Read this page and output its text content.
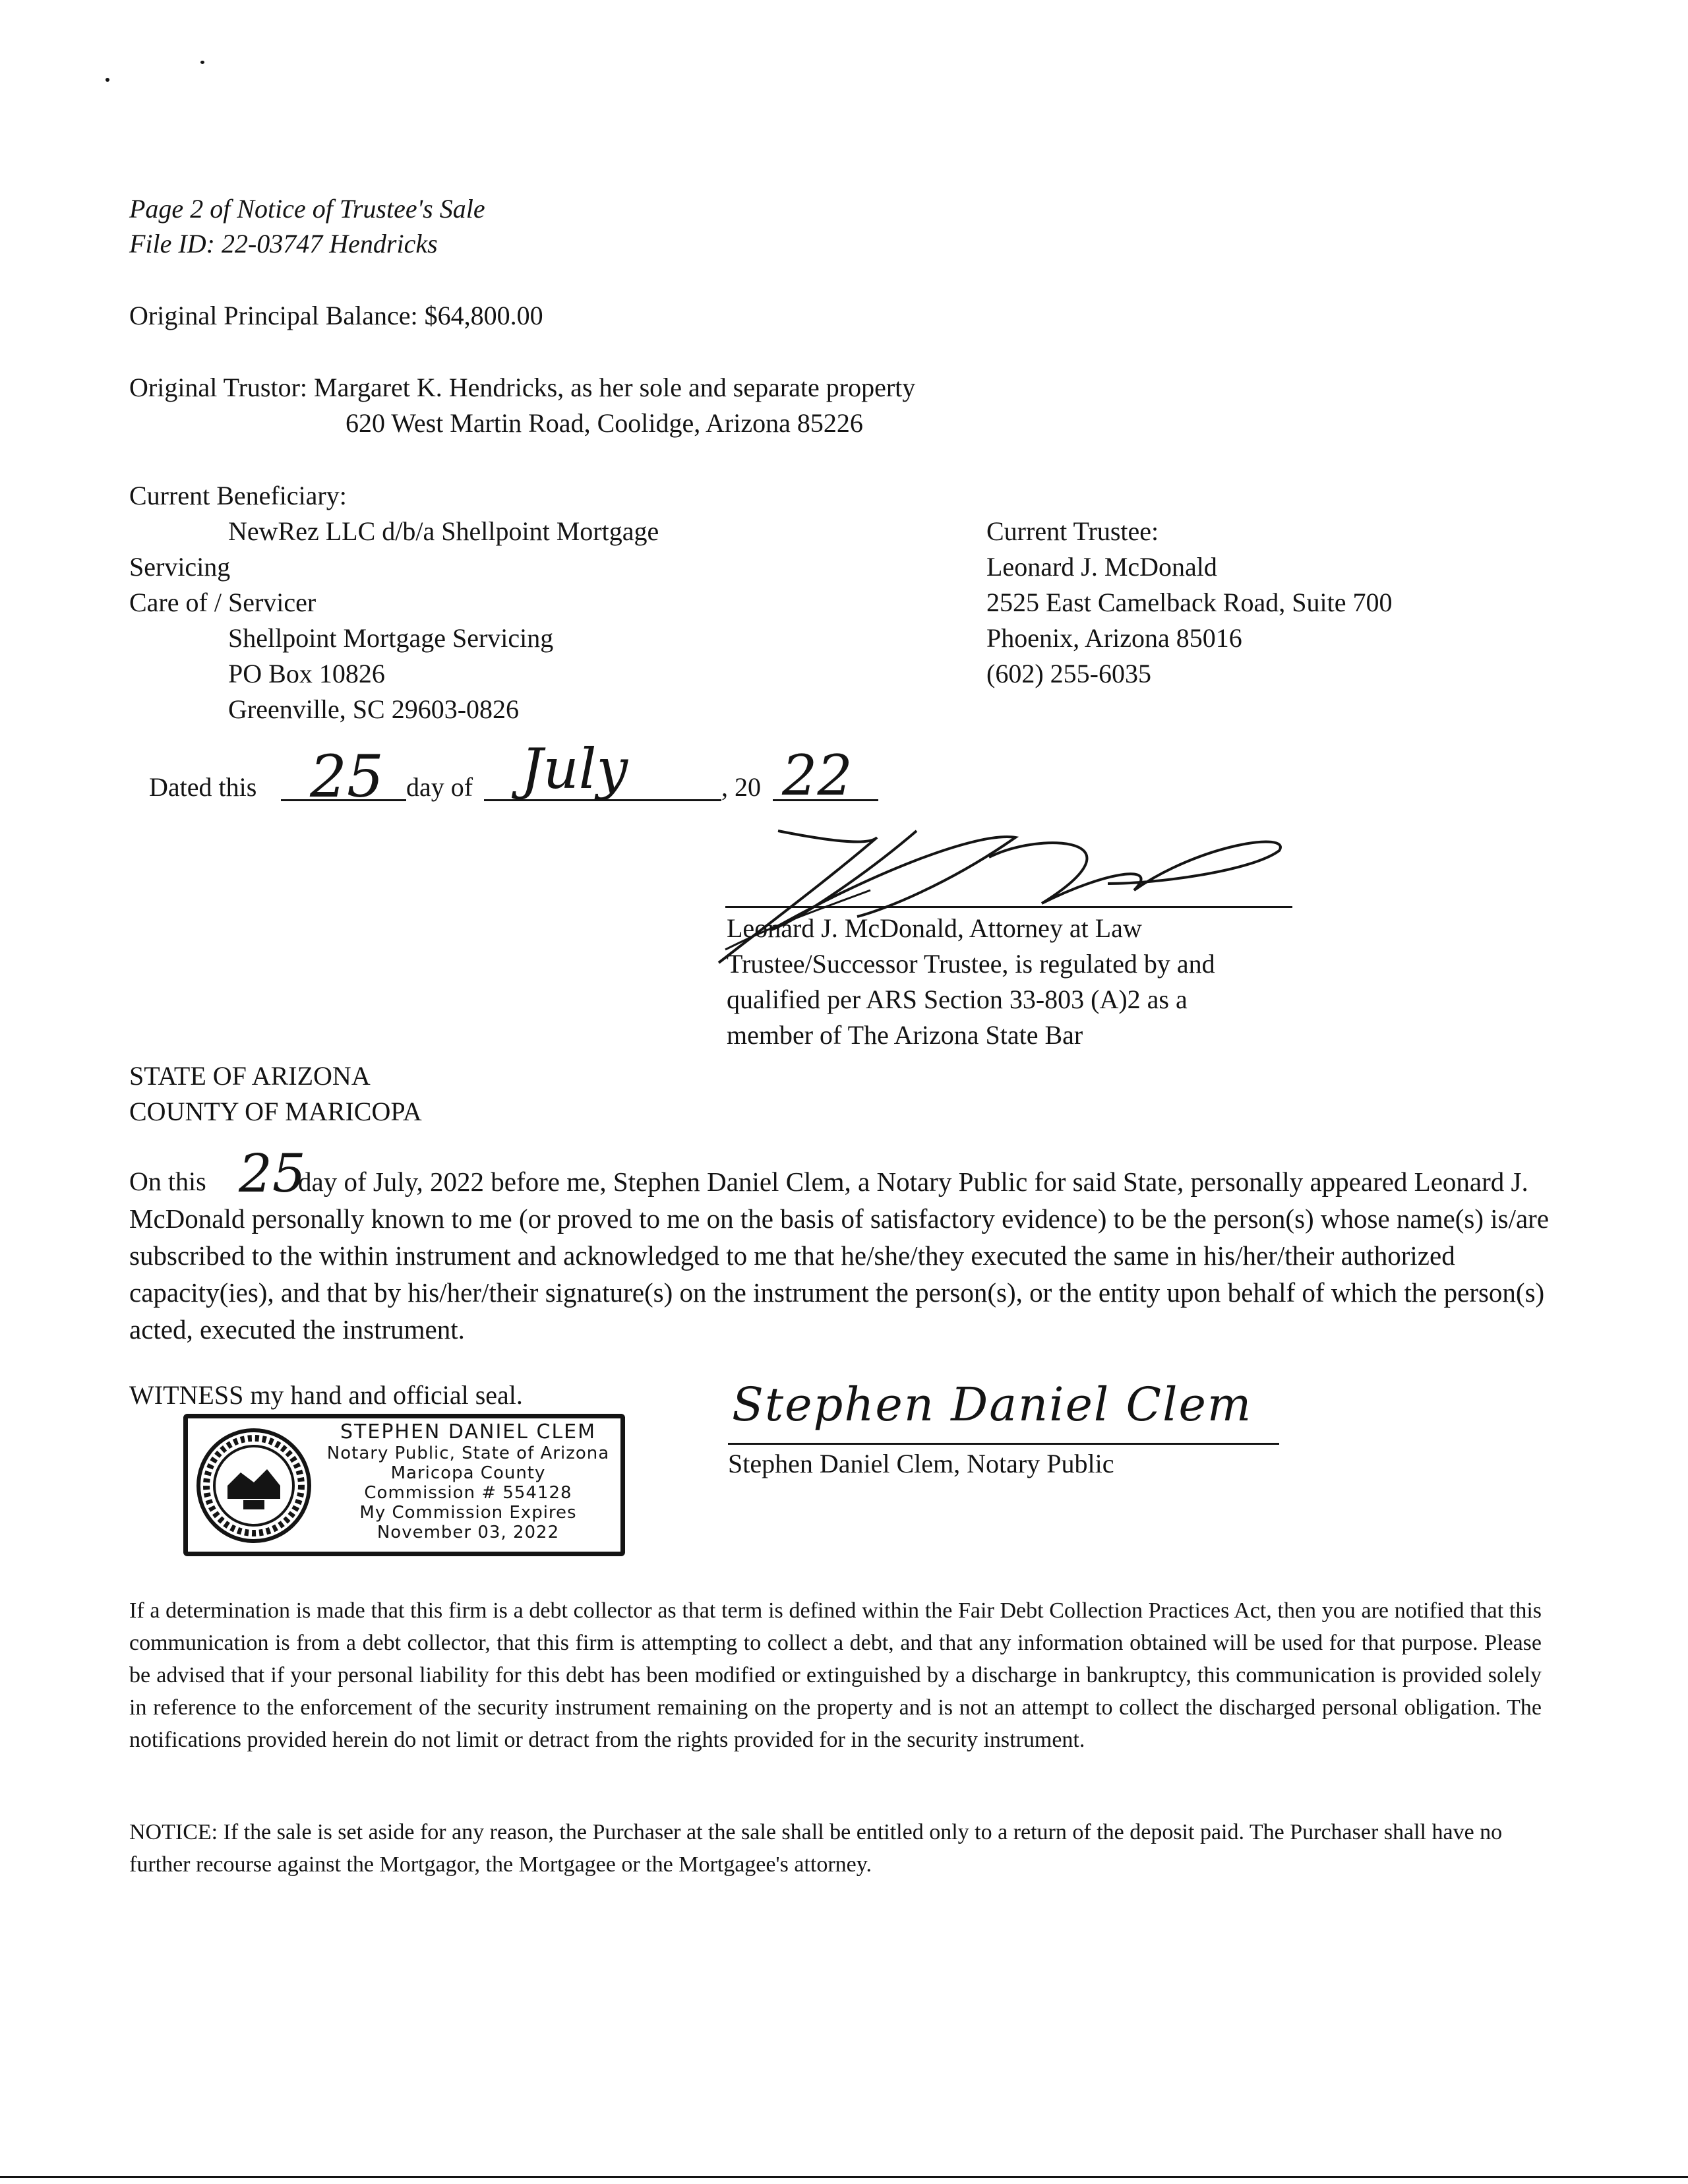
Page 2 of Notice of Trustee's Sale
File ID: 22-03747 Hendricks
Original Principal Balance: $64,800.00
Original Trustor: Margaret K. Hendricks, as her sole and separate property
620 West Martin Road, Coolidge, Arizona 85226
Current Beneficiary:
NewRez LLC d/b/a Shellpoint Mortgage
Servicing
Care of / Servicer
Shellpoint Mortgage Servicing
PO Box 10826
Greenville, SC 29603-0826
Current Trustee:
Leonard J. McDonald
2525 East Camelback Road, Suite 700
Phoenix, Arizona 85016
(602) 255-6035
Dated this 25 day of July	, 20 22
Leonard J. McDonald, Attorney at Law
Trustee/Successor Trustee, is regulated by and
qualified per ARS Section 33-803 (A)2 as a
member of The Arizona State Bar
STATE OF ARIZONA
COUNTY OF MARICOPA
On this 25
day of July, 2022 before me, Stephen Daniel Clem, a Notary Public for said State, personally appeared Leonard J. McDonald personally known to me (or proved to me on the basis of satisfactory evidence) to be the person(s) whose name(s) is/are subscribed to the within instrument and acknowledged to me that he/she/they executed the same in his/her/their authorized capacity(ies), and that by his/her/their signature(s) on the instrument the person(s), or the entity upon behalf of which the person(s) acted, executed the instrument.
WITNESS my hand and official seal.
STEPHEN DANIEL CLEM
Notary Public, State of Arizona
Maricopa County
Commission # 554128
My Commission Expires
November 03, 2022
Stephen Daniel Clem
Stephen Daniel Clem, Notary Public
If a determination is made that this firm is a debt collector as that term is defined within the Fair Debt Collection Practices Act, then you are notified that this communication is from a debt collector, that this firm is attempting to collect a debt, and that any information obtained will be used for that purpose. Please be advised that if your personal liability for this debt has been modified or extinguished by a discharge in bankruptcy, this communication is provided solely in reference to the enforcement of the security instrument remaining on the property and is not an attempt to collect the discharged personal obligation. The notifications provided herein do not limit or detract from the rights provided for in the security instrument.
NOTICE: If the sale is set aside for any reason, the Purchaser at the sale shall be entitled only to a return of the deposit paid. The Purchaser shall have no further recourse against the Mortgagor, the Mortgagee or the Mortgagee's attorney.
